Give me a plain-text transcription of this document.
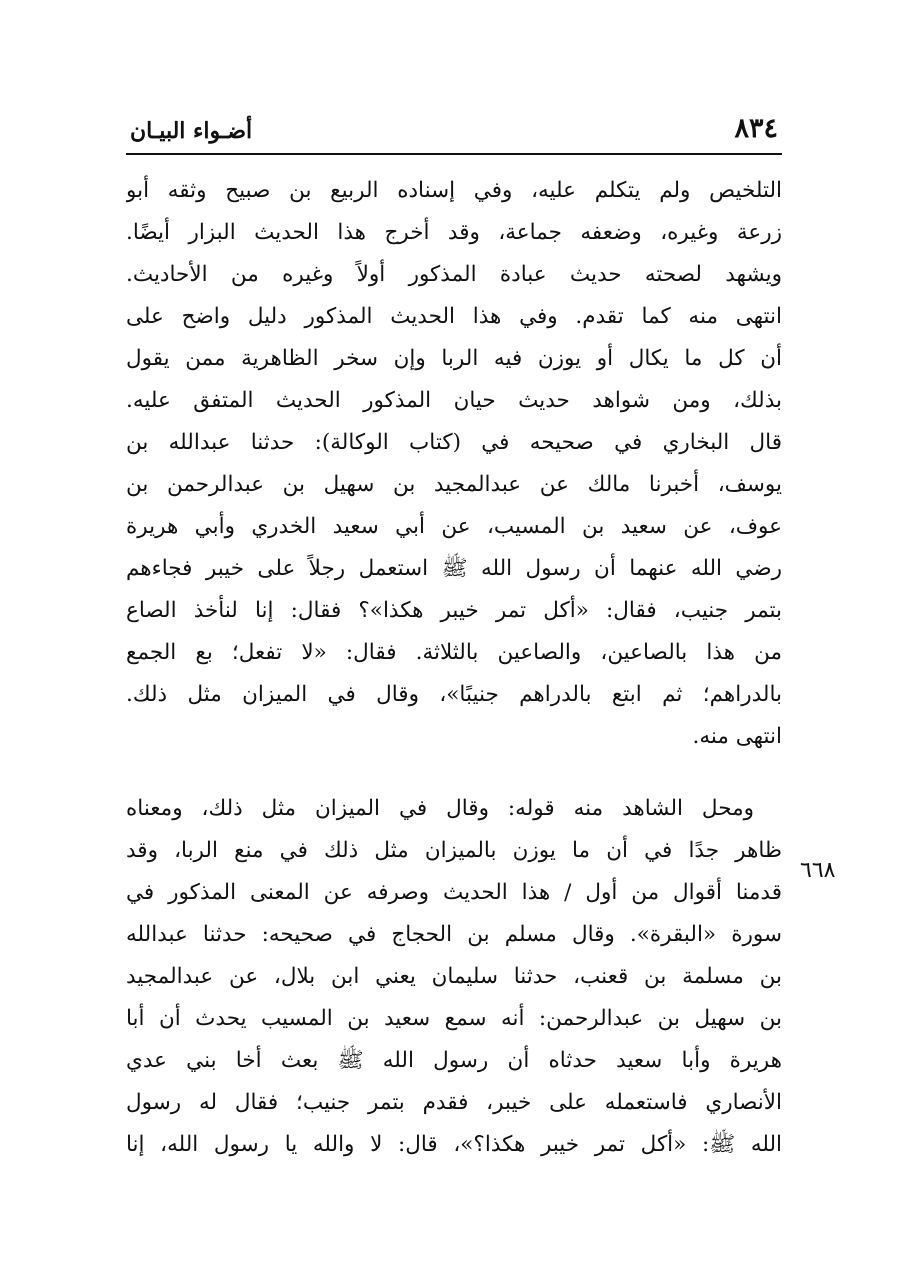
٨٣٤
أضـواء البيـان
التلخيص ولم يتكلم عليه، وفي إسناده الربيع بن صبيح وثقه أبو
زرعة وغيره، وضعفه جماعة، وقد أخرج هذا الحديث البزار أيضًا.
ويشهد لصحته حديث عبادة المذكور أولاً وغيره من الأحاديث.
انتهى منه كما تقدم. وفي هذا الحديث المذكور دليل واضح على
أن كل ما يكال أو يوزن فيه الربا وإن سخر الظاهرية ممن يقول
بذلك، ومن شواهد حديث حيان المذكور الحديث المتفق عليه.
قال البخاري في صحيحه في (كتاب الوكالة): حدثنا عبدالله بن
يوسف، أخبرنا مالك عن عبدالمجيد بن سهيل بن عبدالرحمن بن
عوف، عن سعيد بن المسيب، عن أبي سعيد الخدري وأبي هريرة
رضي الله عنهما أن رسول الله ﷺ استعمل رجلاً على خيبر فجاءهم
بتمر جنيب، فقال: «أكل تمر خيبر هكذا»؟ فقال: إنا لنأخذ الصاع
من هذا بالصاعين، والصاعين بالثلاثة. فقال: «لا تفعل؛ بع الجمع
بالدراهم؛ ثم ابتع بالدراهم جنيبًا»، وقال في الميزان مثل ذلك.
انتهى منه.
ومحل الشاهد منه قوله: وقال في الميزان مثل ذلك، ومعناه
ظاهر جدًا في أن ما يوزن بالميزان مثل ذلك في منع الربا، وقد
قدمنا أقوال من أول / هذا الحديث وصرفه عن المعنى المذكور في
سورة «البقرة». وقال مسلم بن الحجاج في صحيحه: حدثنا عبدالله
بن مسلمة بن قعنب، حدثنا سليمان يعني ابن بلال، عن عبدالمجيد
بن سهيل بن عبدالرحمن: أنه سمع سعيد بن المسيب يحدث أن أبا
هريرة وأبا سعيد حدثاه أن رسول الله ﷺ بعث أخا بني عدي
الأنصاري فاستعمله على خيبر، فقدم بتمر جنيب؛ فقال له رسول
الله ﷺ: «أكل تمر خيبر هكذا؟»، قال: لا والله يا رسول الله، إنا
٦٦٨
